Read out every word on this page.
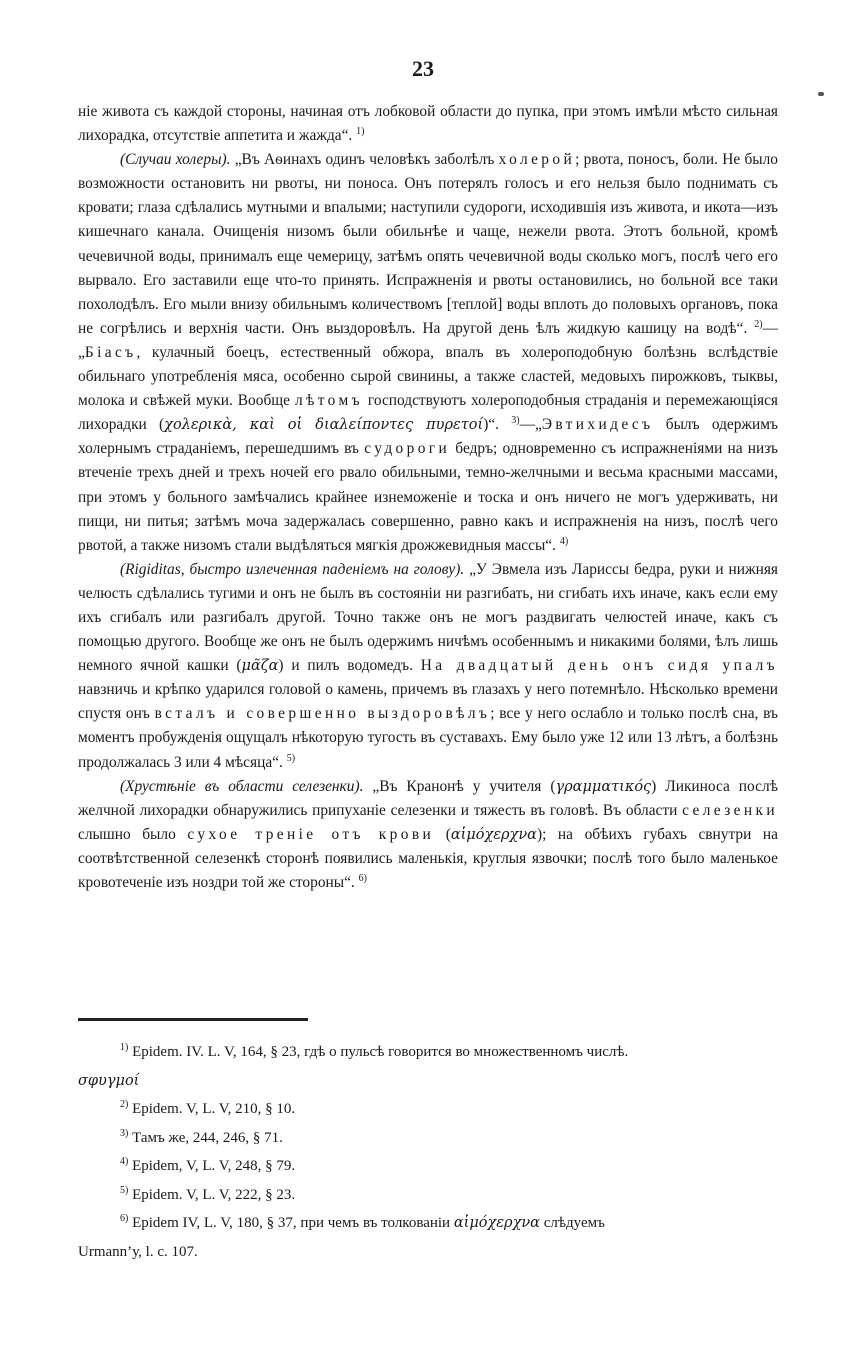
23

ніе живота съ каждой стороны, начиная отъ лобковой области до пупка, при этомъ имѣли мѣсто сильная лихорадка, отсутствіе аппетита и жажда“. $^{1)}$

(Случаи холеры). „Въ Аѳинахъ одинъ человѣкъ заболѣлъ холерой; рвота, поносъ, боли. Не было возможности остановить ни рвоты, ни поноса. Онъ потерялъ голосъ и его нельзя было поднимать съ кровати; глаза сдѣлались мутными и впалыми; наступили судороги, исходившія изъ живота, и икота—изъ кишечнаго канала. Очищенія низомъ были обильнѣе и чаще, нежели рвота. Этотъ больной, кромѣ чечевичной воды, принималъ еще чемерицу, затѣмъ опять чечевичной воды сколько могъ, послѣ чего его вырвало. Его заставили еще что-то принять. Испражненія и рвоты остановились, но больной все таки похолодѣлъ. Его мыли внизу обильнымъ количествомъ [теплой] воды вплоть до половыхъ органовъ, пока не согрѣлись и верхнія части. Онъ выздоровѣлъ. На другой день ѣлъ жидкую кашицу на водѣ“. $^{2)}$—„Біасъ, кулачный боецъ, естественный обжора, впалъ въ холероподобную болѣзнь вслѣдствіе обильнаго употребленія мяса, особенно сырой свинины, а также сластей, медовыхъ пирожковъ, тыквы, молока и свѣжей муки. Вообще лѣтомъ господствуютъ холероподобныя страданія и перемежающіяся лихорадки (χολερικὰ, καὶ οἱ διαλείποντες πυρετοί)“. $^{3)}$—„Эвтихидесъ былъ одержимъ холернымъ страданіемъ, перешедшимъ въ судороги бедръ; одновременно съ испражненіями на низъ втеченіе трехъ дней и трехъ ночей его рвало обильными, темно-желчными и весьма красными массами, при этомъ у больного замѣчались крайнее изнеможеніе и тоска и онъ ничего не могъ удерживать, ни пищи, ни питья; затѣмъ моча задержалась совершенно, равно какъ и испражненія на низъ, послѣ чего рвотой, а также низомъ стали выдѣляться мягкія дрожжевидныя массы“. $^{4)}$

(Rigiditas, быстро излеченная паденіемъ на голову). „У Эвмела изъ Лариссы бедра, руки и нижняя челюсть сдѣлались тугими и онъ не былъ въ состояніи ни разгибать, ни сгибать ихъ иначе, какъ если ему ихъ сгибалъ или разгибалъ другой. Точно также онъ не могъ раздвигать челюстей иначе, какъ съ помощью другого. Вообще же онъ не былъ одержимъ ничѣмъ особеннымъ и никакими болями, ѣлъ лишь немного ячной кашки (μᾶζα) и пилъ водомедъ. На двадцатый день онъ сидя упалъ навзничь и крѣпко ударился головой о камень, причемъ въ глазахъ у него потемнѣло. Нѣсколько времени спустя онъ всталъ и совершенно выздоровѣлъ; все у него ослабло и только послѣ сна, въ моментъ пробужденія ощущалъ нѣкоторую тугость въ суставахъ. Ему было уже 12 или 13 лѣтъ, а болѣзнь продолжалась 3 или 4 мѣсяца“. $^{5)}$

(Хрустѣніе въ области селезенки). „Въ Кранонѣ у учителя (γραμματικός) Ликиноса послѣ желчной лихорадки обнаружились припуханіе селезенки и тяжесть въ головѣ. Въ области селезенки слышно было сухое треніе отъ крови (αἱμόχερχνα); на обѣихъ губахъ свнутри на соотвѣтственной селезенкѣ сторонѣ появились маленькія, круглыя язвочки; послѣ того было маленькое кровотеченіе изъ ноздри той же стороны“. $^{6)}$

$^{1)}$ Epidem. IV. L. V, 164, § 23, гдѣ о пульсѣ говорится во множественномъ числѣ.

σφυγμοί

$^{2)}$ Epidem. V, L. V, 210, § 10.

$^{3)}$ Тамъ же, 244, 246, § 71.

$^{4)}$ Epidem, V, L. V, 248, § 79.

$^{5)}$ Epidem. V, L. V, 222, § 23.

$^{6)}$ Epidem IV, L. V, 180, § 37, при чемъ въ толкованіи αἱμόχερχνα слѣдуемъ

Urmann’у, l. c. 107.
